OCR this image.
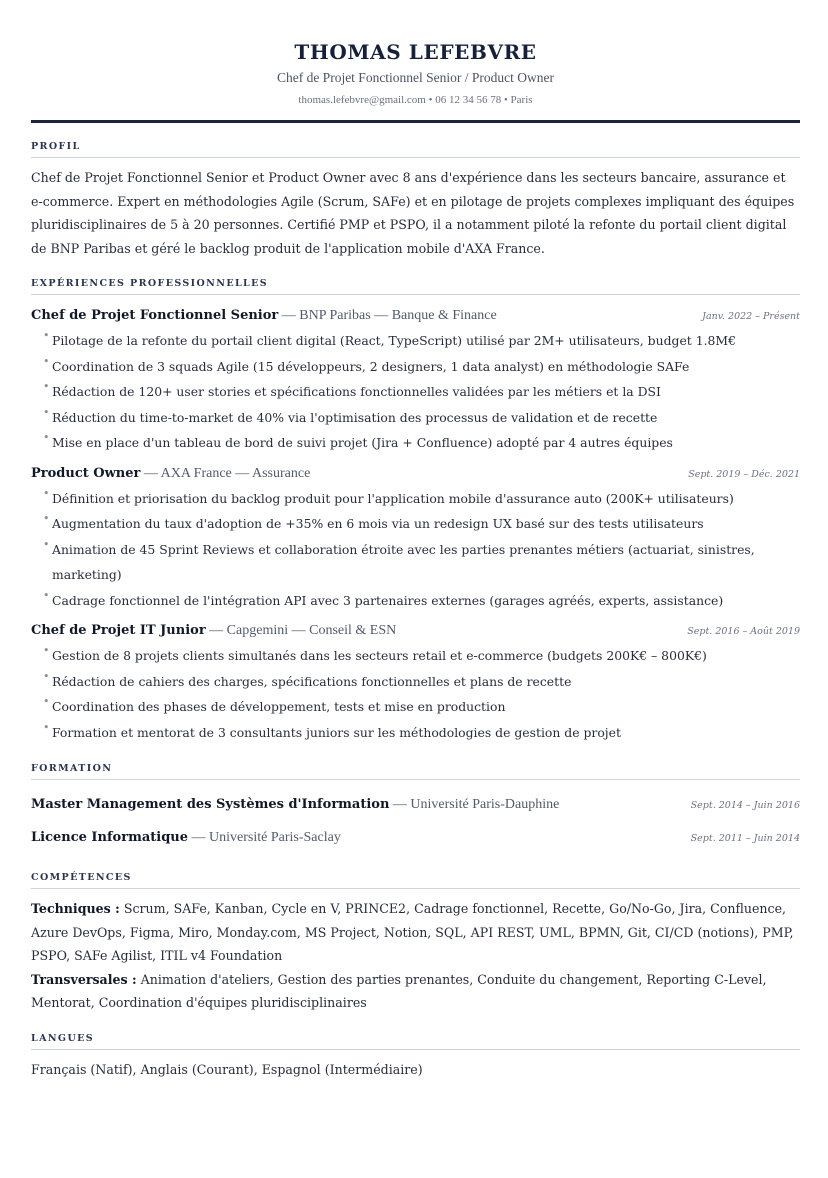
THOMAS LEFEBVRE
Chef de Projet Fonctionnel Senior / Product Owner
thomas.lefebvre@gmail.com • 06 12 34 56 78 • Paris
PROFIL

Chef de Projet Fonctionnel Senior et Product Owner avec 8 ans d'expérience dans les secteurs bancaire, assurance et e-commerce. Expert en méthodologies Agile (Scrum, SAFe) et en pilotage de projets complexes impliquant des équipes pluridisciplinaires de 5 à 20 personnes. Certifié PMP et PSPO, il a notamment piloté la refonte du portail client digital de BNP Paribas et géré le backlog produit de l'application mobile d'AXA France.

EXPÉRIENCES PROFESSIONNELLES
Chef de Projet Fonctionnel Senior — BNP Paribas — Banque & Finance	Janv. 2022 – Présent
• Pilotage de la refonte du portail client digital (React, TypeScript) utilisé par 2M+ utilisateurs, budget 1.8M€
• Coordination de 3 squads Agile (15 développeurs, 2 designers, 1 data analyst) en méthodologie SAFe
• Rédaction de 120+ user stories et spécifications fonctionnelles validées par les métiers et la DSI
• Réduction du time-to-market de 40% via l'optimisation des processus de validation et de recette
• Mise en place d'un tableau de bord de suivi projet (Jira + Confluence) adopté par 4 autres équipes
Product Owner — AXA France — Assurance	Sept. 2019 – Déc. 2021
• Définition et priorisation du backlog produit pour l'application mobile d'assurance auto (200K+ utilisateurs)
• Augmentation du taux d'adoption de +35% en 6 mois via un redesign UX basé sur des tests utilisateurs
• Animation de 45 Sprint Reviews et collaboration étroite avec les parties prenantes métiers (actuariat, sinistres, marketing)
• Cadrage fonctionnel de l'intégration API avec 3 partenaires externes (garages agréés, experts, assistance)
Chef de Projet IT Junior — Capgemini — Conseil & ESN	Sept. 2016 – Août 2019
• Gestion de 8 projets clients simultanés dans les secteurs retail et e-commerce (budgets 200K€ – 800K€)
• Rédaction de cahiers des charges, spécifications fonctionnelles et plans de recette
• Coordination des phases de développement, tests et mise en production
• Formation et mentorat de 3 consultants juniors sur les méthodologies de gestion de projet
FORMATION
Master Management des Systèmes d'Information — Université Paris-Dauphine	Sept. 2014 – Juin 2016
Licence Informatique — Université Paris-Saclay	Sept. 2011 – Juin 2014
COMPÉTENCES

Techniques : Scrum, SAFe, Kanban, Cycle en V, PRINCE2, Cadrage fonctionnel, Recette, Go/No-Go, Jira, Confluence, Azure DevOps, Figma, Miro, Monday.com, MS Project, Notion, SQL, API REST, UML, BPMN, Git, CI/CD (notions), PMP, PSPO, SAFe Agilist, ITIL v4 Foundation

Transversales : Animation d'ateliers, Gestion des parties prenantes, Conduite du changement, Reporting C-Level, Mentorat, Coordination d'équipes pluridisciplinaires

LANGUES

Français (Natif), Anglais (Courant), Espagnol (Intermédiaire)
